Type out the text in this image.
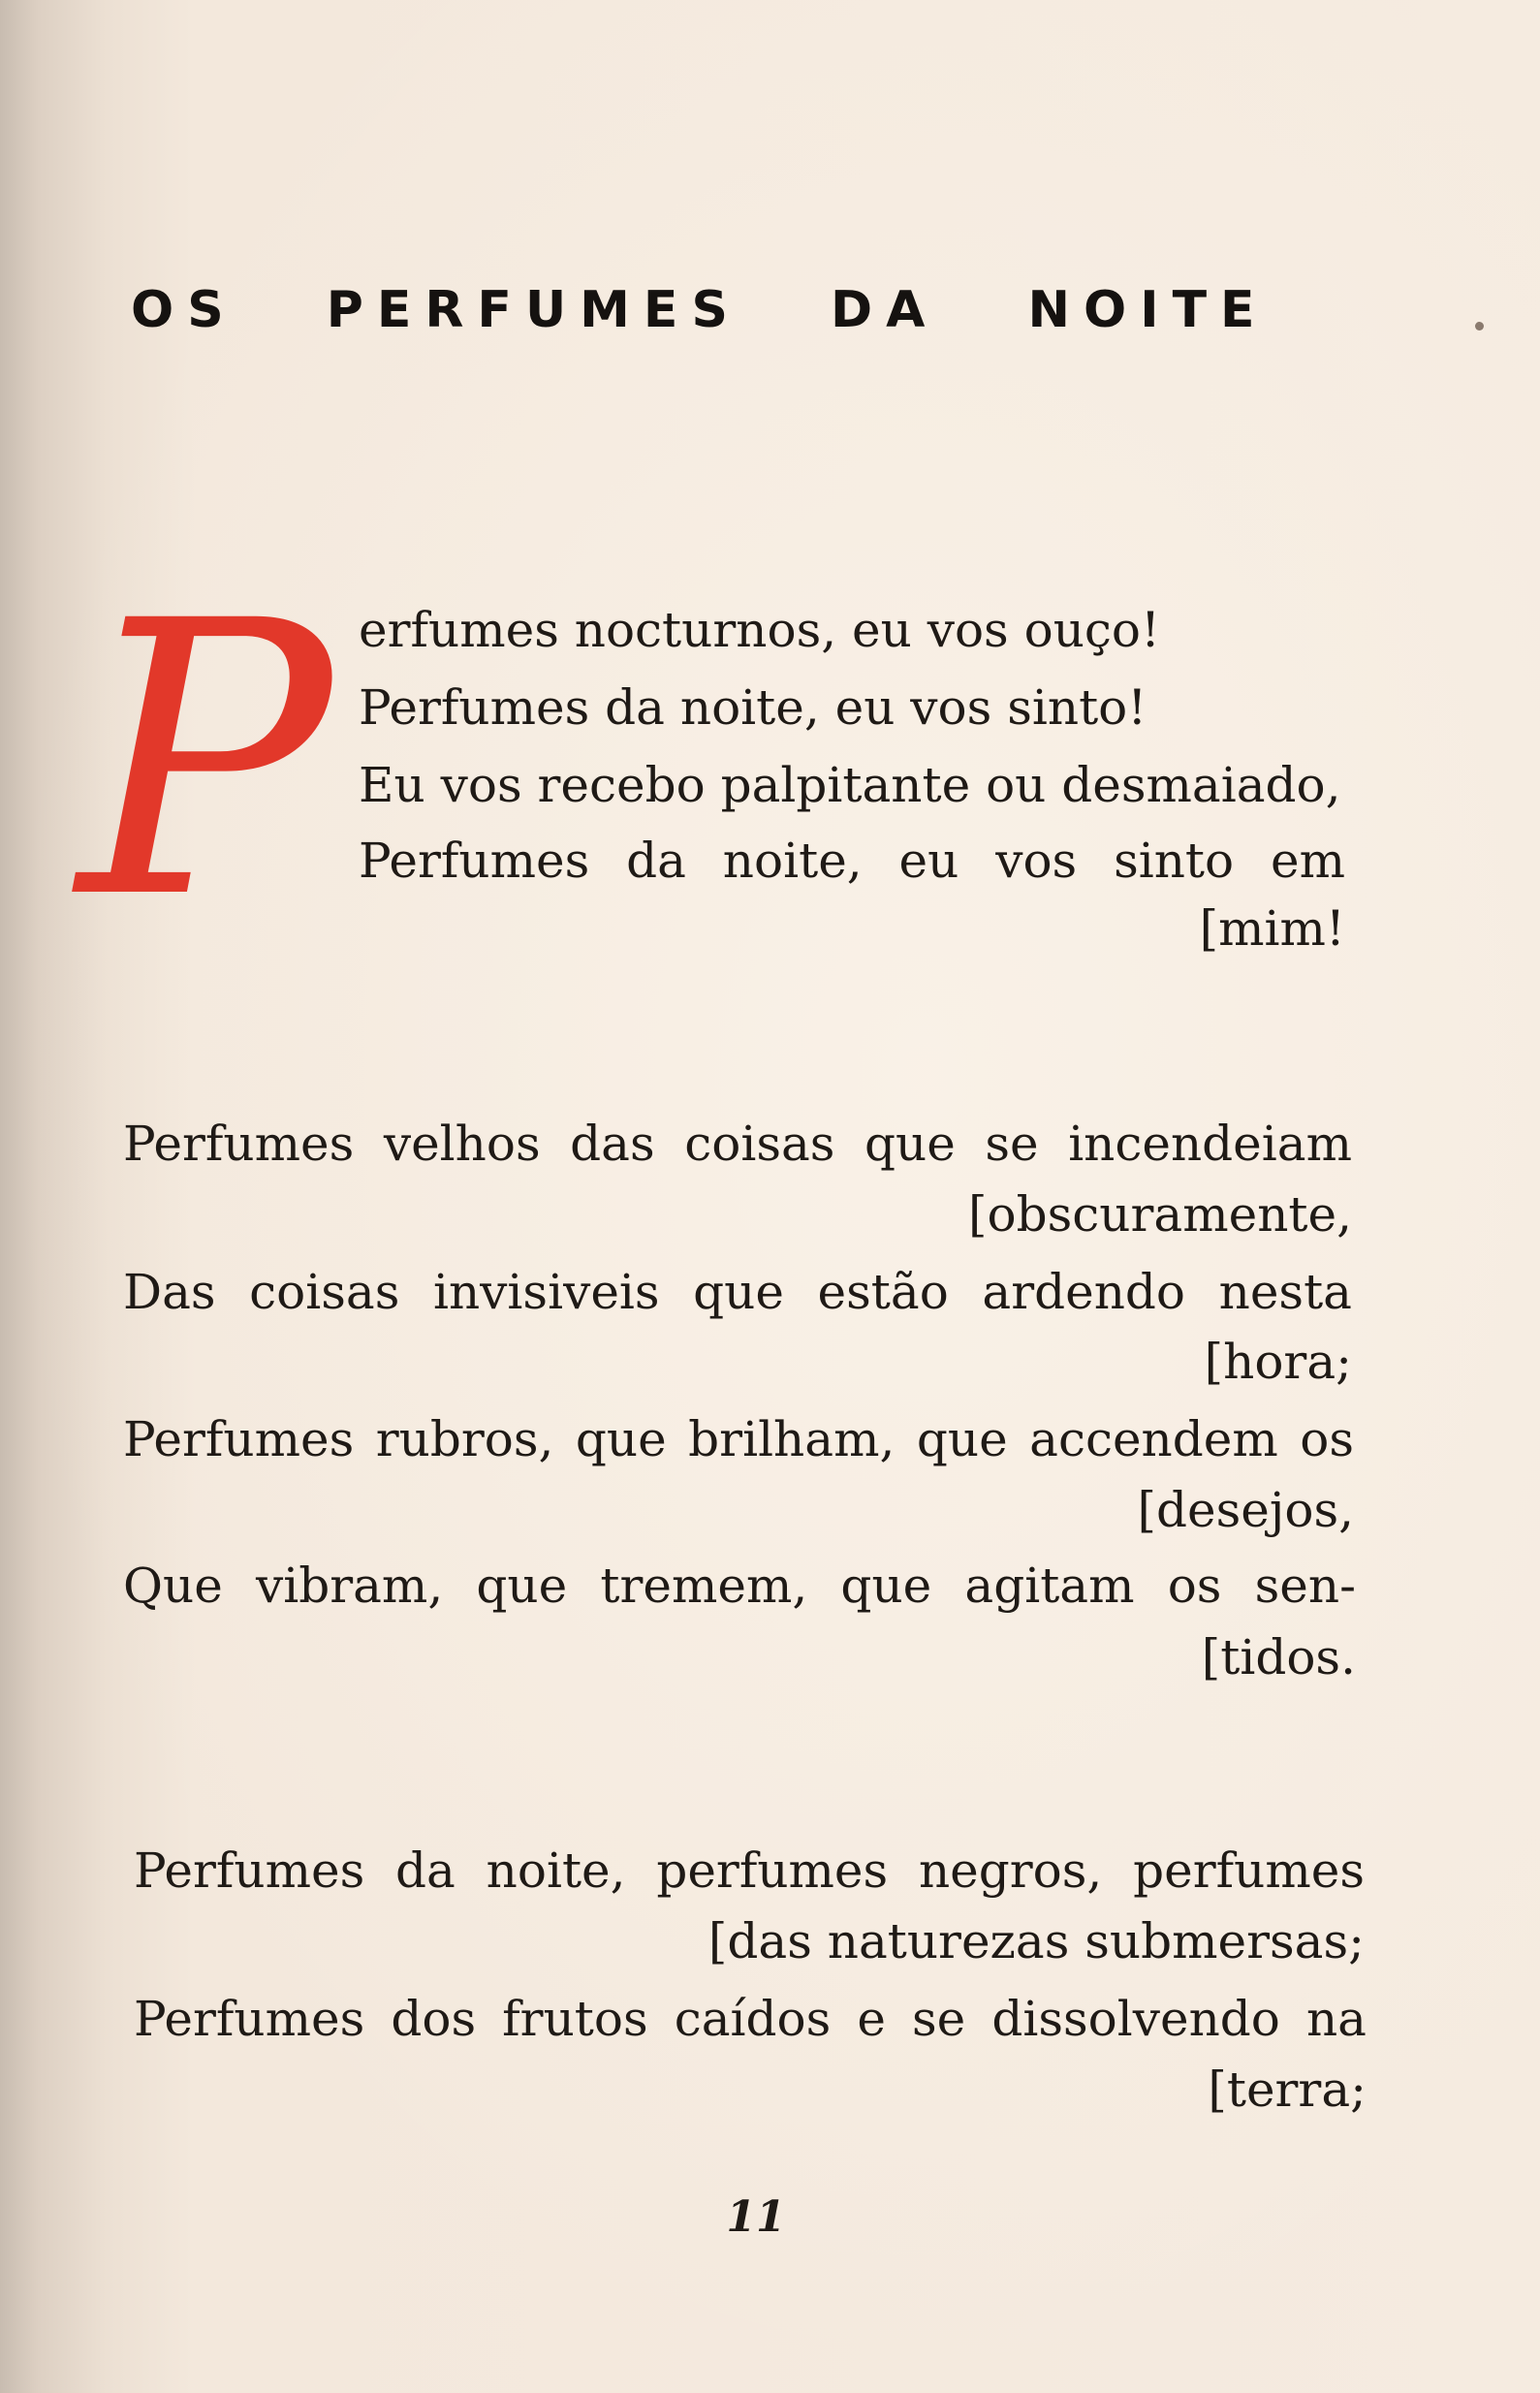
OS PERFUMES DA NOITE
P erfumes nocturnos, eu vos ouço!

Perfumes da noite, eu vos sinto!

Eu vos recebo palpitante ou desmaiado,

Perfumes da noite, eu vos sinto em

[mim!

Perfumes velhos das coisas que se incendeiam

[obscuramente,

Das coisas invisiveis que estão ardendo nesta

[hora;

Perfumes rubros, que brilham, que accendem os

[desejos,

Que vibram, que tremem, que agitam os sen-

[tidos.

Perfumes da noite, perfumes negros, perfumes

[das naturezas submersas;

Perfumes dos frutos caídos e se dissolvendo na

[terra;

11
